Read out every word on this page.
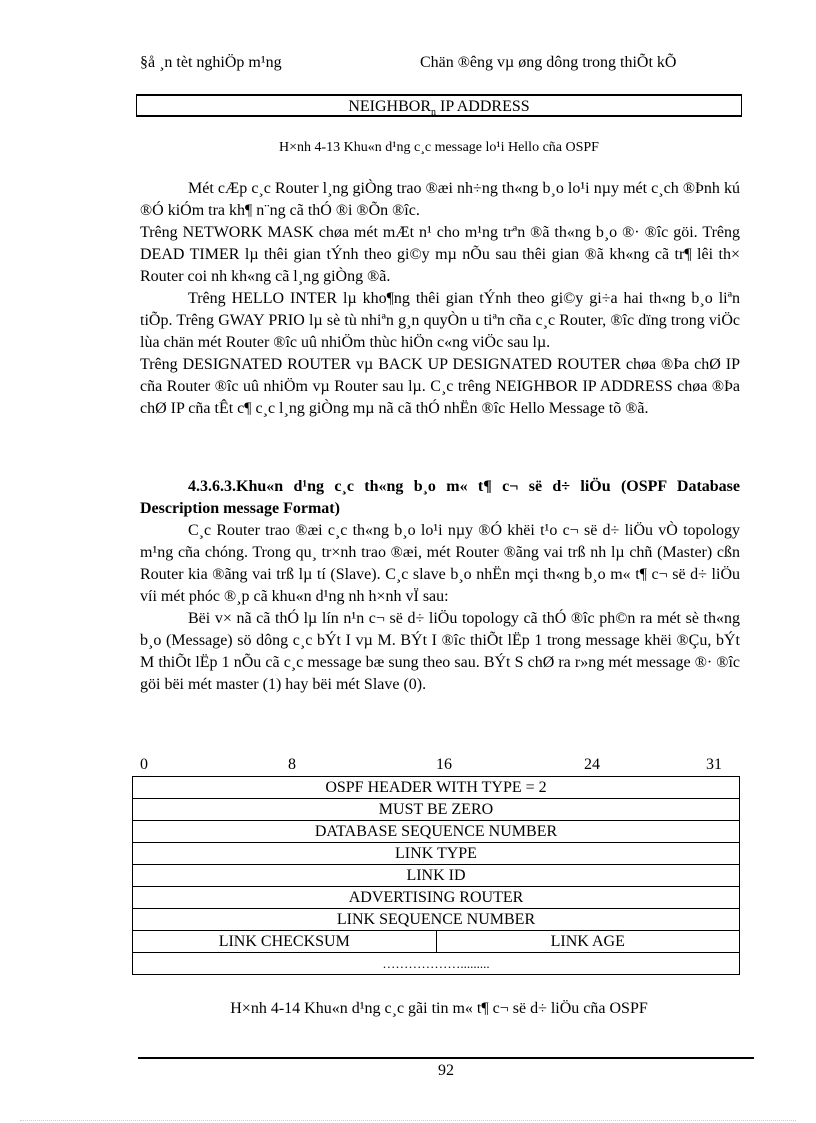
§å ¸n tèt nghiÖp m¹ng	Chän ®êng vµ øng dông trong thiÕt kÕ
$NEIGHBOR_n$ IP ADDRESS
H×nh 4-13 Khu«n d¹ng c¸c message lo¹i Hello cña OSPF

Mét cÆp c¸c Router l¸ng giÒng trao ®æi nh÷ng th«ng b¸o lo¹i nµy mét c¸ch ®Þnh kú ®Ó kiÓm tra kh¶ n¨ng cã thÓ ®i ®Õn ®îc.

Trêng NETWORK MASK chøa mét mÆt n¹ cho m¹ng trªn ®ã th«ng b¸o ®· ®îc göi. Trêng DEAD TIMER lµ thêi gian tÝnh theo gi©y mµ nÕu sau thêi gian ®ã kh«ng cã tr¶ lêi th× Router coi nh kh«ng cã l¸ng giÒng ®ã.

Trêng HELLO INTER lµ kho¶ng thêi gian tÝnh theo gi©y gi÷a hai th«ng b¸o liªn tiÕp. Trêng GWAY PRIO lµ sè tù nhiªn g¸n quyÒn u tiªn cña c¸c Router, ®îc dïng trong viÖc lùa chän mét Router ®îc uû nhiÖm thùc hiÖn c«ng viÖc sau lµ.

Trêng DESIGNATED ROUTER vµ BACK UP DESIGNATED ROUTER chøa ®Þa chØ IP cña Router ®îc uû nhiÖm vµ Router sau lµ. C¸c trêng NEIGHBOR IP ADDRESS chøa ®Þa chØ IP cña tÊt c¶ c¸c l¸ng giÒng mµ nã cã thÓ nhËn ®îc Hello Message tõ ®ã.

4.3.6.3.Khu«n d¹ng c¸c th«ng b¸o m« t¶ c¬ së d÷ liÖu (OSPF Database Description message Format)

C¸c Router trao ®æi c¸c th«ng b¸o lo¹i nµy ®Ó khëi t¹o c¬ së d÷ liÖu vÒ topology m¹ng cña chóng. Trong qu¸ tr×nh trao ®æi, mét Router ®ãng vai trß nh lµ chñ (Master) cßn Router kia ®ãng vai trß lµ tí (Slave). C¸c slave b¸o nhËn mçi th«ng b¸o m« t¶ c¬ së d÷ liÖu víi mét phóc ®¸p cã khu«n d¹ng nh h×nh vÏ sau:

Bëi v× nã cã thÓ lµ lín n¹n c¬ së d÷ liÖu topology cã thÓ ®îc ph©n ra mét sè th«ng b¸o (Message) sö dông c¸c bÝt I vµ M. BÝt I ®îc thiÕt lËp 1 trong message khëi ®Çu, bÝt M thiÕt lËp 1 nÕu cã c¸c message bæ sung theo sau. BÝt S chØ ra r»ng mét message ®· ®îc göi bëi mét master (1) hay bëi mét Slave (0).

0	8	16	24	31
OSPF HEADER WITH TYPE = 2
MUST BE ZERO
DATABASE SEQUENCE NUMBER
LINK TYPE
LINK ID
ADVERTISING ROUTER
LINK SEQUENCE NUMBER
LINK CHECKSUM	LINK AGE
……………….........
H×nh 4-14 Khu«n d¹ng c¸c gãi tin m« t¶ c¬ së d÷ liÖu cña OSPF
92
